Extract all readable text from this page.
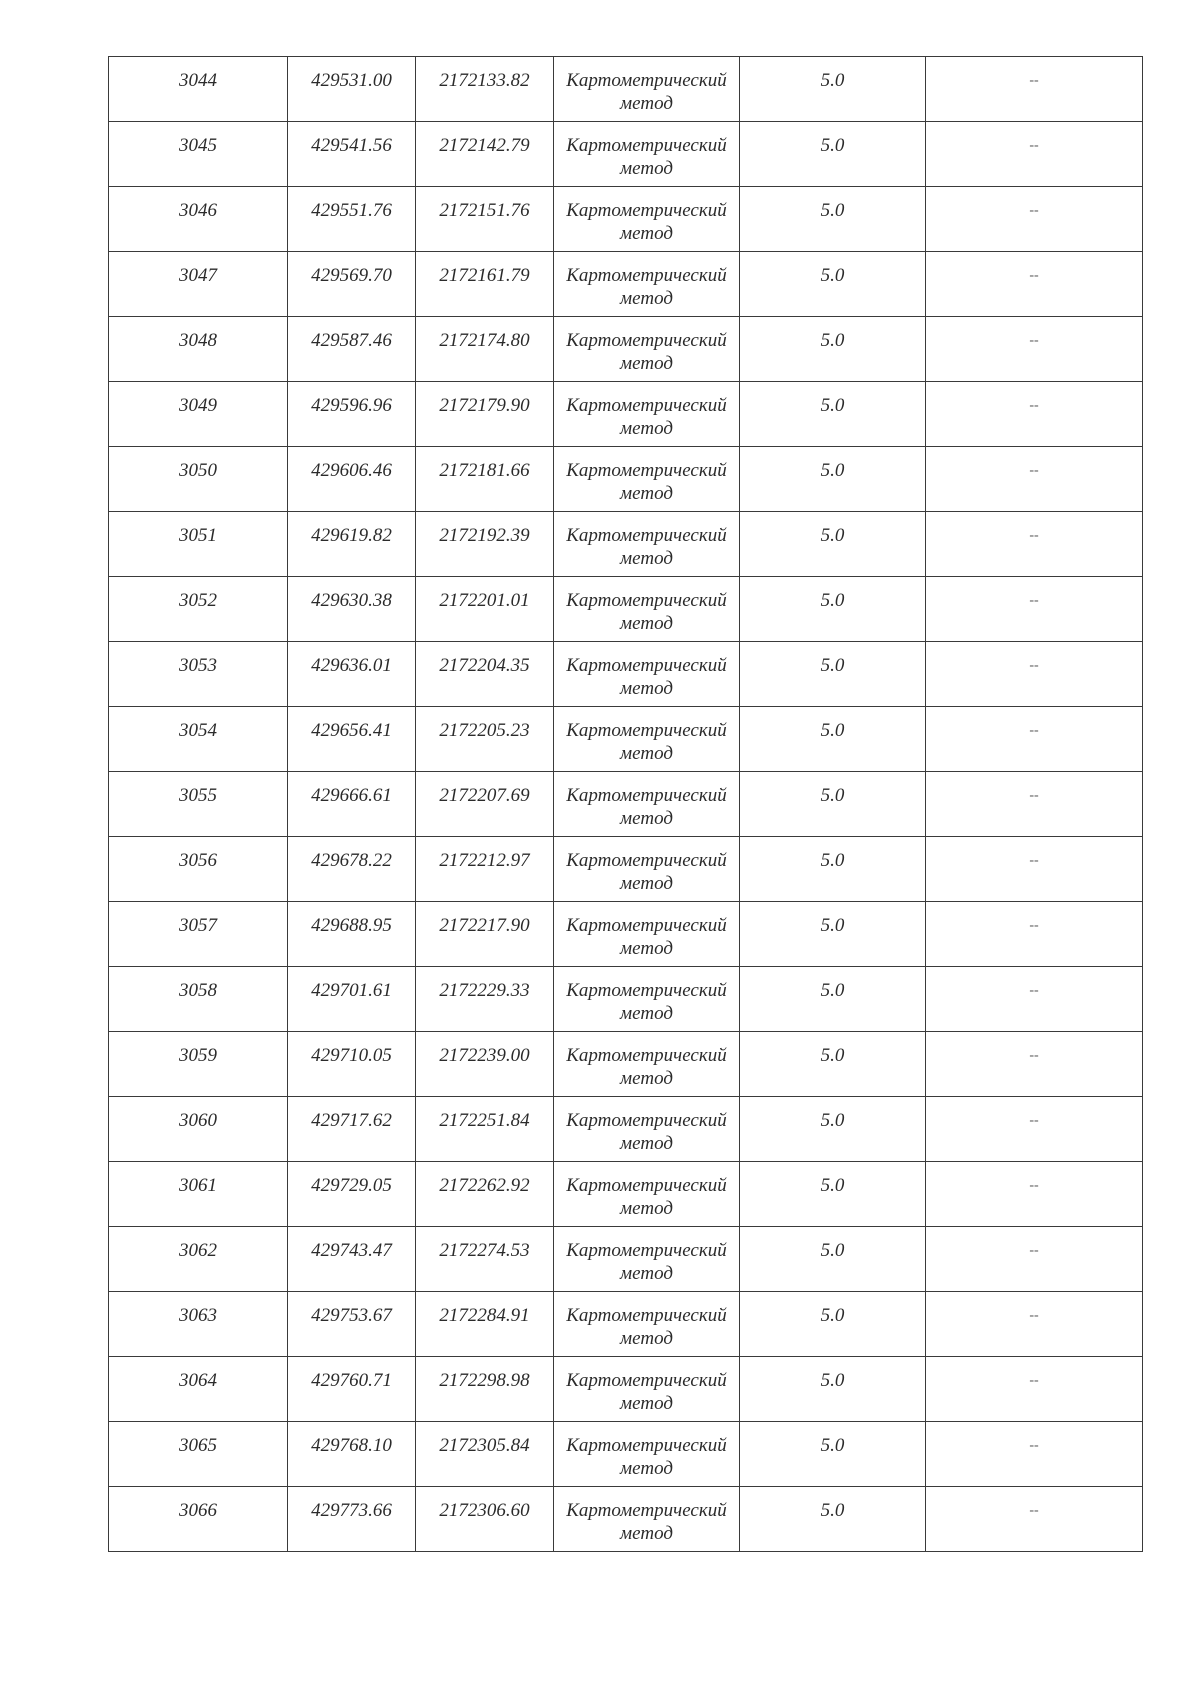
3044	429531.00	2172133.82	Картометрический
метод	5.0	--

3045	429541.56	2172142.79	Картометрический
метод	5.0	--

3046	429551.76	2172151.76	Картометрический
метод	5.0	--

3047	429569.70	2172161.79	Картометрический
метод	5.0	--

3048	429587.46	2172174.80	Картометрический
метод	5.0	--

3049	429596.96	2172179.90	Картометрический
метод	5.0	--

3050	429606.46	2172181.66	Картометрический
метод	5.0	--

3051	429619.82	2172192.39	Картометрический
метод	5.0	--

3052	429630.38	2172201.01	Картометрический
метод	5.0	--

3053	429636.01	2172204.35	Картометрический
метод	5.0	--

3054	429656.41	2172205.23	Картометрический
метод	5.0	--

3055	429666.61	2172207.69	Картометрический
метод	5.0	--

3056	429678.22	2172212.97	Картометрический
метод	5.0	--

3057	429688.95	2172217.90	Картометрический
метод	5.0	--

3058	429701.61	2172229.33	Картометрический
метод	5.0	--

3059	429710.05	2172239.00	Картометрический
метод	5.0	--

3060	429717.62	2172251.84	Картометрический
метод	5.0	--

3061	429729.05	2172262.92	Картометрический
метод	5.0	--

3062	429743.47	2172274.53	Картометрический
метод	5.0	--

3063	429753.67	2172284.91	Картометрический
метод	5.0	--

3064	429760.71	2172298.98	Картометрический
метод	5.0	--

3065	429768.10	2172305.84	Картометрический
метод	5.0	--

3066	429773.66	2172306.60	Картометрический
метод	5.0	--
